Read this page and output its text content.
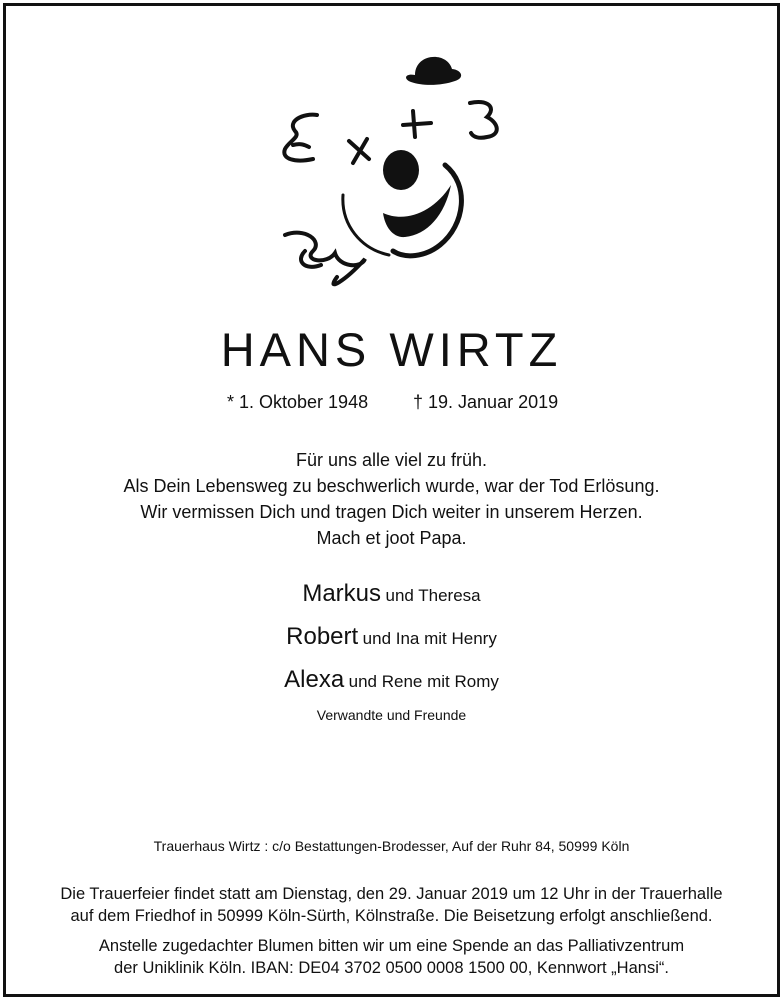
HANS WIRTZ
* 1. Oktober 1948 † 19. Januar 2019
Für uns alle viel zu früh.
Als Dein Lebensweg zu beschwerlich wurde, war der Tod Erlösung.
Wir vermissen Dich und tragen Dich weiter in unserem Herzen.
Mach et joot Papa.
Markus und Theresa
Robert und Ina mit Henry
Alexa und Rene mit Romy
Verwandte und Freunde
Trauerhaus Wirtz : c/o Bestattungen-Brodesser, Auf der Ruhr 84, 50999 Köln
Die Trauerfeier findet statt am Dienstag, den 29. Januar 2019 um 12 Uhr in der Trauerhalle
auf dem Friedhof in 50999 Köln-Sürth, Kölnstraße. Die Beisetzung erfolgt anschließend.
Anstelle zugedachter Blumen bitten wir um eine Spende an das Palliativzentrum
der Uniklinik Köln. IBAN: DE04 3702 0500 0008 1500 00, Kennwort „Hansi“.
